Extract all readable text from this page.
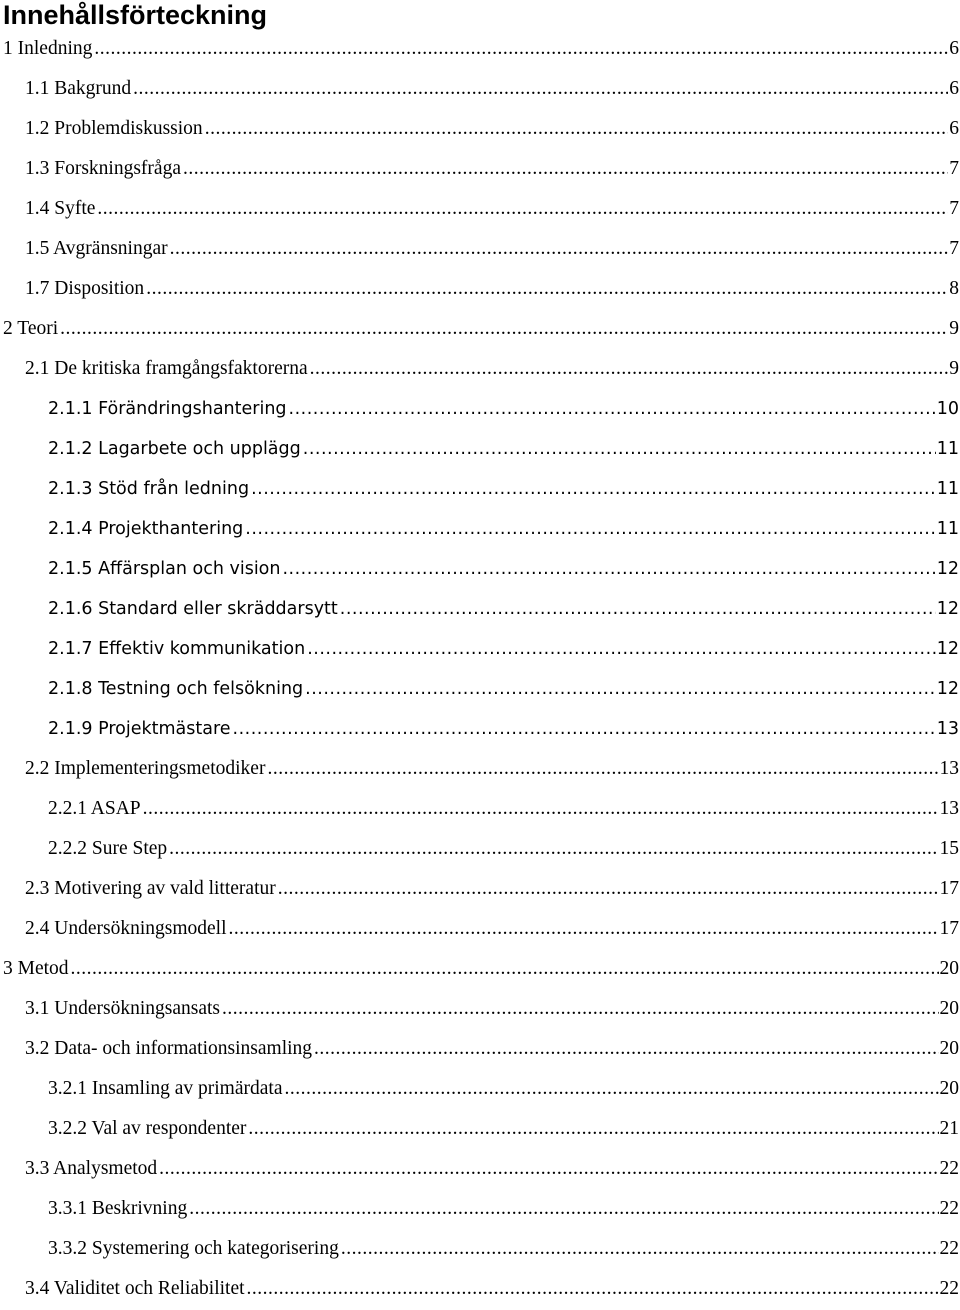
Innehållsförteckning
1 Inledning .....	6
1.1 Bakgrund .....	6
1.2 Problemdiskussion .....	6
1.3 Forskningsfråga .....	7
1.4 Syfte .....	7
1.5 Avgränsningar .....	7
1.7 Disposition .....	8
2 Teori .....	9
2.1 De kritiska framgångsfaktorerna .....	9
2.1.1 Förändringshantering .....	10
2.1.2 Lagarbete och upplägg .....	11
2.1.3 Stöd från ledning .....	11
2.1.4 Projekthantering .....	11
2.1.5 Affärsplan och vision .....	12
2.1.6 Standard eller skräddarsytt .....	12
2.1.7 Effektiv kommunikation .....	12
2.1.8 Testning och felsökning .....	12
2.1.9 Projektmästare .....	13
2.2 Implementeringsmetodiker .....	13
2.2.1 ASAP .....	13
2.2.2 Sure Step .....	15
2.3 Motivering av vald litteratur .....	17
2.4 Undersökningsmodell .....	17
3 Metod .....	20
3.1 Undersökningsansats .....	20
3.2 Data- och informationsinsamling .....	20
3.2.1 Insamling av primärdata .....	20
3.2.2 Val av respondenter .....	21
3.3 Analysmetod .....	22
3.3.1 Beskrivning .....	22
3.3.2 Systemering och kategorisering .....	22
3.4 Validitet och Reliabilitet .....	22
